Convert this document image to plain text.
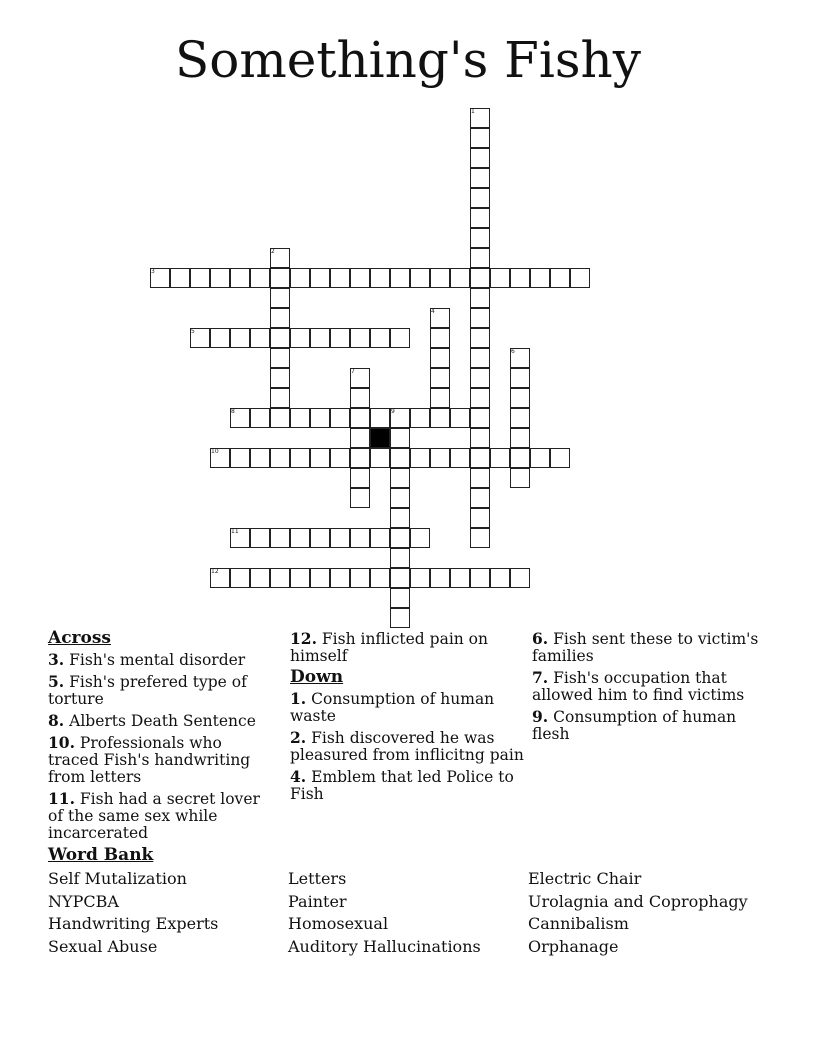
Something's Fishy
1
2
3
4
5
6
7
8	9
10
11
12
Across
3. Fish's mental disorder
5. Fish's prefered type of torture
8. Alberts Death Sentence
10. Professionals who traced Fish's handwriting from letters
11. Fish had a secret lover of the same sex while incarcerated
12. Fish inflicted pain on himself
Down
1. Consumption of human waste
2. Fish discovered he was pleasured from inflicitng pain
4. Emblem that led Police to Fish
6. Fish sent these to victim's families
7. Fish's occupation that allowed him to find victims
9. Consumption of human flesh
Word Bank
Self Mutalization
NYPCBA
Handwriting Experts
Sexual Abuse
Letters
Painter
Homosexual
Auditory Hallucinations
Electric Chair
Urolagnia and Coprophagy
Cannibalism
Orphanage
